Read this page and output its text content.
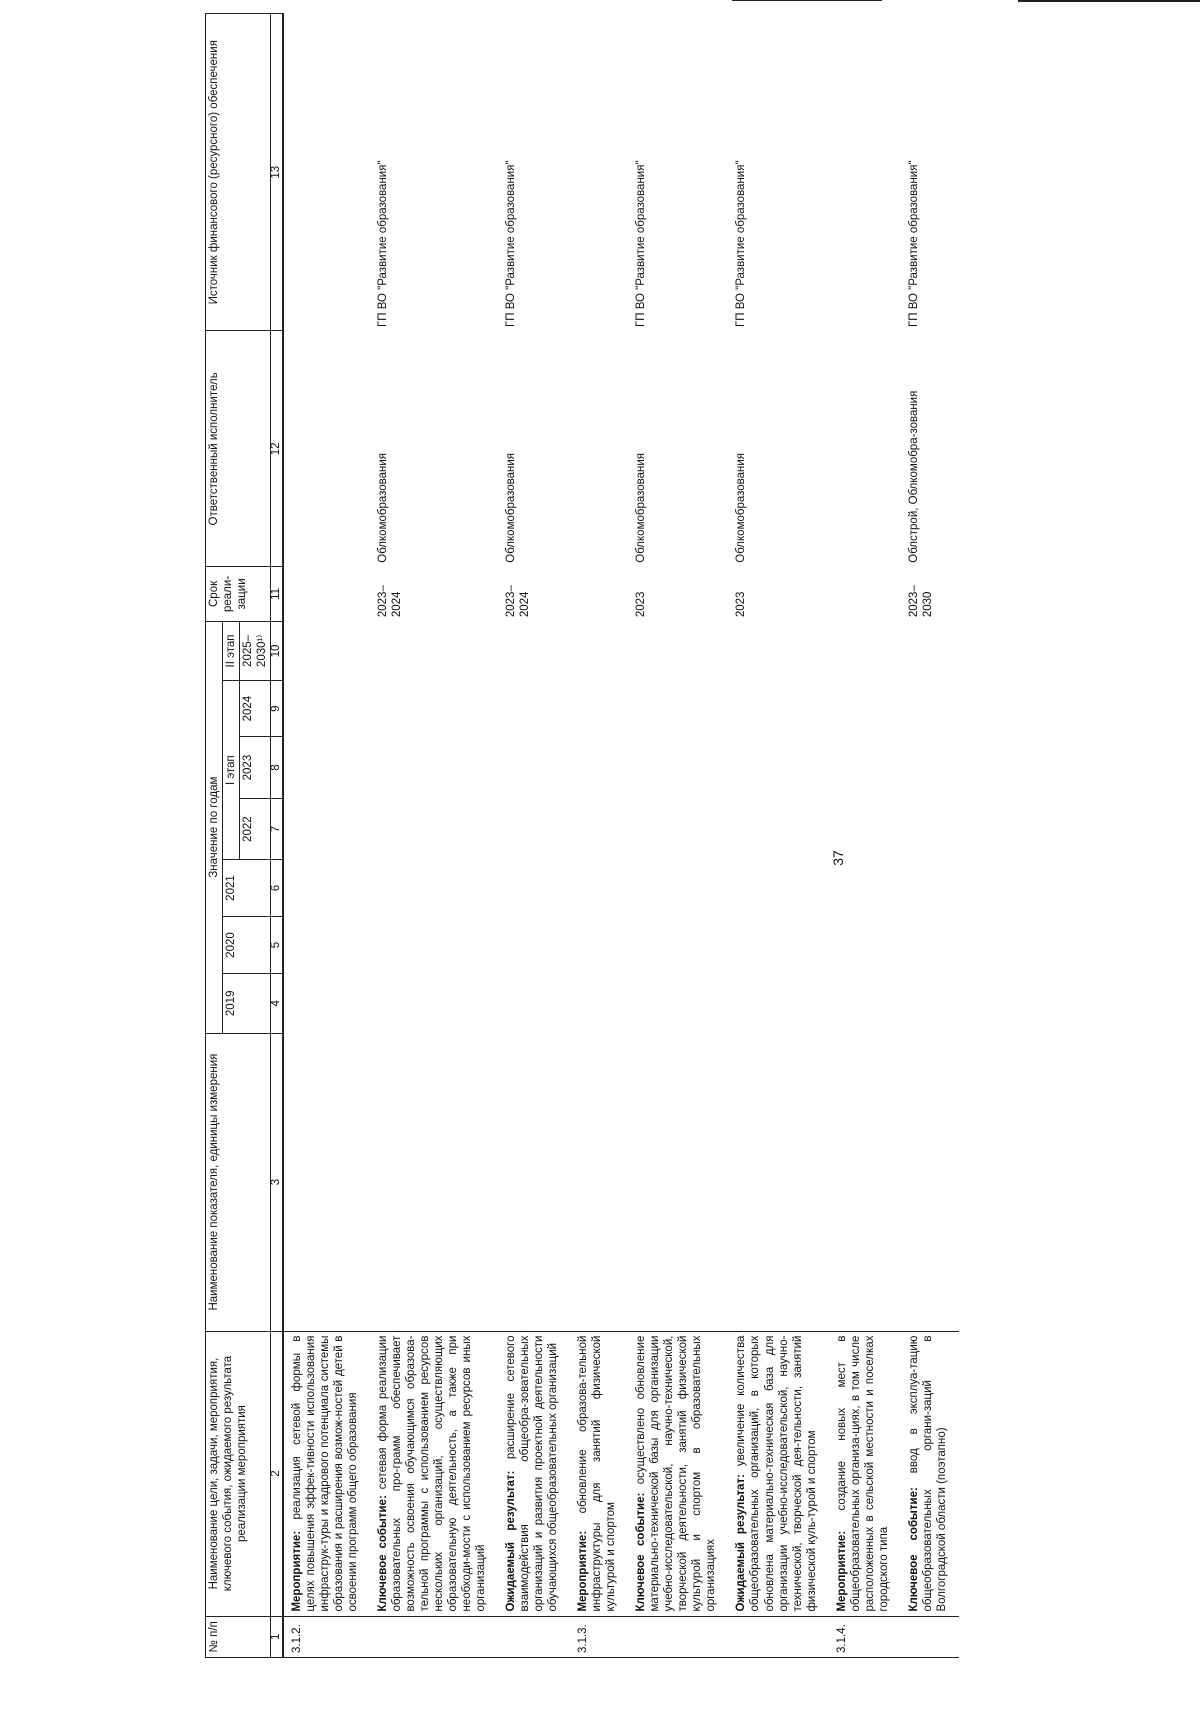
37
№ п/п	Наименование цели, задачи, мероприятия, ключевого события, ожидаемого результата реализации мероприятия	Наименование показателя, единицы измерения	Значение по годам							Срок реали-зации	Ответственный исполнитель	Источник финансового (ресурсного) обеспечения
			2019	2020	2021	I этап			II этап			
						2022	2023	2024	2025–2030¹⁾			
1	2	3	4	5	6	7	8	9	10	11	12	13
3.1.2.	Мероприятие: реализация сетевой формы в целях повышения эффек-тивности использования инфраструк-туры и кадрового потенциала системы образования и расширения возмож-ностей детей в освоении программ общего образования											
	Ключевое событие: сетевая форма реализации образовательных про-грамм обеспечивает возможность освоения обучающимся образова-тельной программы с использованием ресурсов нескольких организаций, осуществляющих образовательную деятельность, а также при необходи-мости с использованием ресурсов иных организаций									2023–2024	Облкомобразования	ГП ВО "Развитие образования"
	Ожидаемый результат: расширение сетевого взаимодействия общеобра-зовательных организаций и развития проектной деятельности обучающихся общеобразовательных организаций									2023–2024	Облкомобразования	ГП ВО "Развитие образования"
3.1.3.	Мероприятие: обновление образова-тельной инфраструктуры для занятий физической культурой и спортом											
	Ключевое событие: осуществлено обновление материально-технической базы для организации учебно-исследовательской, научно-технической, творческой деятельности, занятий физической культурой и спортом в образовательных организациях									2023	Облкомобразования	ГП ВО "Развитие образования"
	Ожидаемый результат: увеличение количества общеобразовательных организаций, в которых обновлена материально-техническая база для организации учебно-исследовательской, научно-технической, творческой дея-тельности, занятий физической куль-турой и спортом									2023	Облкомобразования	ГП ВО "Развитие образования"
3.1.4.	Мероприятие: создание новых мест в общеобразовательных организа-циях, в том числе расположенных в сельской местности и поселках городского типа											
	Ключевое событие: ввод в эксплуа-тацию общеобразовательных органи-заций в Волгоградской области (поэтапно)									2023–2030	Облстрой, Облкомобра-зования	ГП ВО "Развитие образования"
